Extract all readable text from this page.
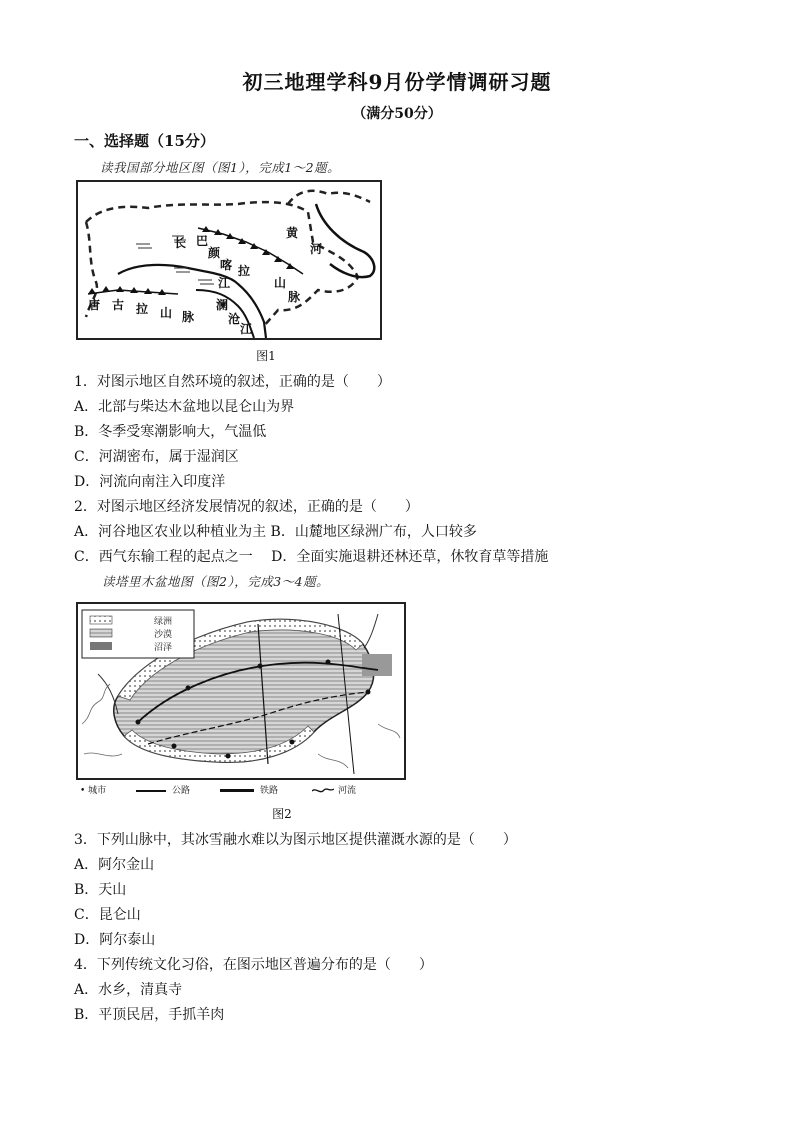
初三地理学科9月份学情调研习题
（满分50分）
一、选择题（15分）
读我国部分地区图（图1），完成1～2题。
黄
河
长
江
巴
颜
喀 拉
山
脉
澜
沧
江
唐 古 拉 山 脉
图1
1．对图示地区自然环境的叙述，正确的是（　　）
A．北部与柴达木盆地以昆仑山为界
B．冬季受寒潮影响大，气温低
C．河湖密布，属于湿润区
D．河流向南注入印度洋
2．对图示地区经济发展情况的叙述，正确的是（　　）
A．河谷地区农业以种植业为主 B．山麓地区绿洲广布，人口较多
C．西气东输工程的起点之一　 D．全面实施退耕还林还草，休牧育草等措施
读塔里木盆地图（图2），完成3～4题。
绿洲
沙漠
沼泽
• 城市	公路	铁路	河流
图2
3．下列山脉中，其冰雪融水难以为图示地区提供灌溉水源的是（　　）
A．阿尔金山
B．天山
C．昆仑山
D．阿尔泰山
4．下列传统文化习俗，在图示地区普遍分布的是（　　）
A．水乡，清真寺
B．平顶民居，手抓羊肉
